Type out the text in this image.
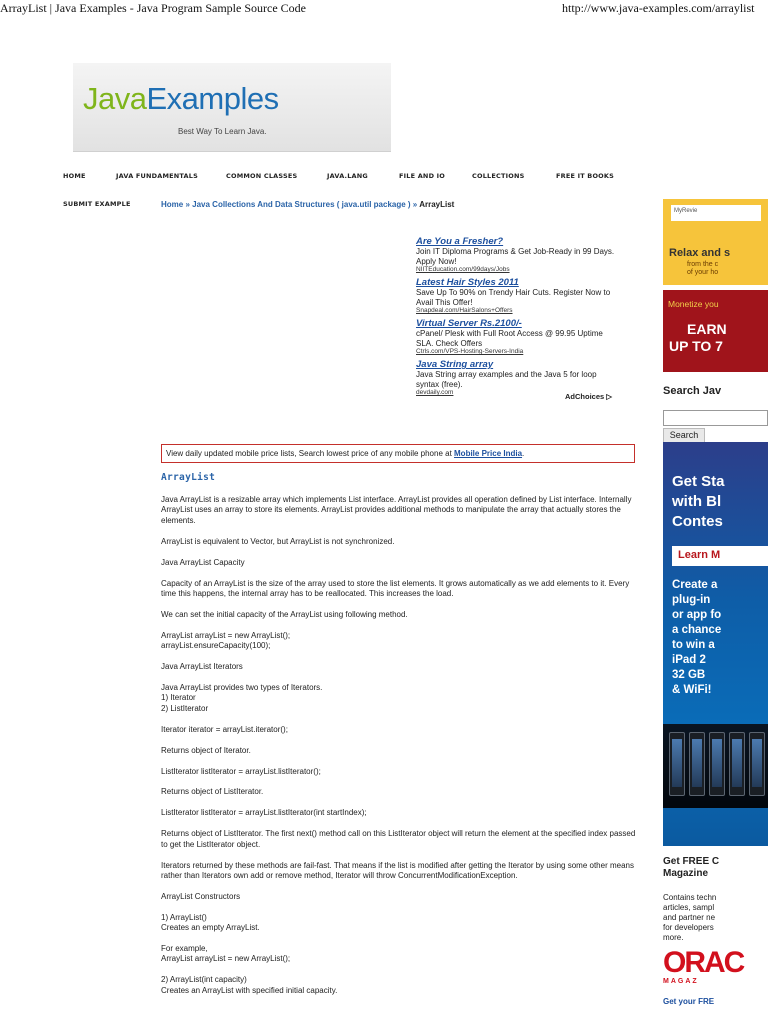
ArrayList | Java Examples - Java Program Sample Source Code	http://www.java-examples.com/arraylist
JavaExamples
Best Way To Learn Java.
HOME	JAVA FUNDAMENTALS	COMMON CLASSES	JAVA.LANG	FILE AND IO	COLLECTIONS	FREE IT BOOKS
SUBMIT EXAMPLE	Home » Java Collections And Data Structures ( java.util package ) » ArrayList
Are You a Fresher?
Join IT Diploma Programs & Get Job-Ready in 99 Days. Apply Now!
NIITEducation.com/99days/Jobs
Latest Hair Styles 2011
Save Up To 90% on Trendy Hair Cuts. Register Now to Avail This Offer!
Snapdeal.com/HairSalons+Offers
Virtual Server Rs.2100/-
cPanel/ Plesk with Full Root Access @ 99.95 Uptime SLA. Check Offers
Ctrls.com/VPS-Hosting-Servers-India
Java String array
Java String array examples and the Java 5 for loop syntax (free).
devdaily.com	AdChoices ▷
View daily updated mobile price lists, Search lowest price of any mobile phone at Mobile Price India.
ArrayList

Java ArrayList is a resizable array which implements List interface. ArrayList provides all operation defined by List interface. Internally ArrayList uses an array to store its elements. ArrayList provides additional methods to manipulate the array that actually stores the elements.

ArrayList is equivalent to Vector, but ArrayList is not synchronized.

Java ArrayList Capacity

Capacity of an ArrayList is the size of the array used to store the list elements. It grows automatically as we add elements to it. Every time this happens, the internal array has to be reallocated. This increases the load.

We can set the initial capacity of the ArrayList using following method.

ArrayList arrayList = new ArrayList();
arrayList.ensureCapacity(100);

Java ArrayList Iterators

Java ArrayList provides two types of Iterators.
1) Iterator
2) ListIterator

Iterator iterator = arrayList.iterator();

Returns object of Iterator.

ListIterator listIterator = arrayList.listIterator();

Returns object of ListIterator.

ListIterator listIterator = arrayList.listIterator(int startIndex);

Returns object of ListIterator. The first next() method call on this ListIterator object will return the element at the specified index passed to get the ListIterator object.

Iterators returned by these methods are fail-fast. That means if the list is modified after getting the Iterator by using some other means rather than Iterators own add or remove method, Iterator will throw ConcurrentModificationException.

ArrayList Constructors

1) ArrayList()
Creates an empty ArrayList.

For example,
ArrayList arrayList = new ArrayList();

2) ArrayList(int capacity)
Creates an ArrayList with specified initial capacity.

MyRevie
Relax and s
from the c
of your ho
Monetize you
EARN
UP TO 7
Search Jav
Search
Get Sta
with Bl
Contes
Learn M
Create a
plug-in
or app fo
a chance
to win a
iPad 2
32 GB
& WiFi!
Get FREE C
Magazine
Contains techn
articles, sampl
and partner ne
for developers
more.
ORAC
MAGAZ
Get your FRE
